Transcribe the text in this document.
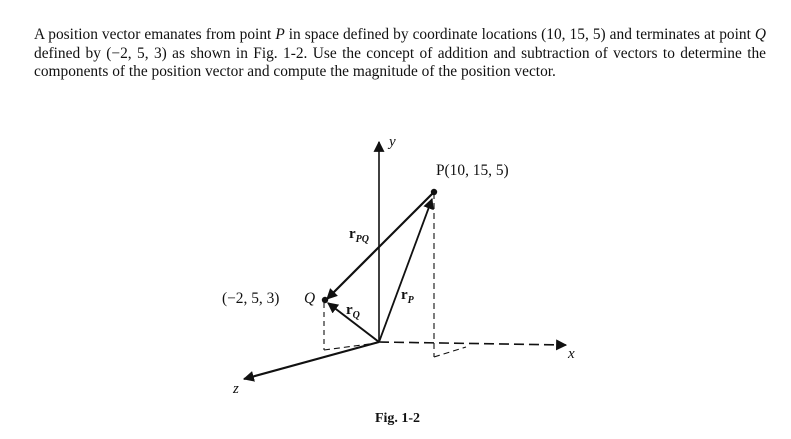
A position vector emanates from point P in space defined by coordinate locations (10, 15, 5) and terminates at point Q defined by (−2, 5, 3) as shown in Fig. 1-2. Use the concept of addition and subtraction of vectors to determine the components of the position vector and compute the magnitude of the position vector.

y
x
z
P(10, 15, 5)
(−2, 5, 3) Q
$r_{PQ}$
$r_Q$
$r_P$

Fig. 1-2
